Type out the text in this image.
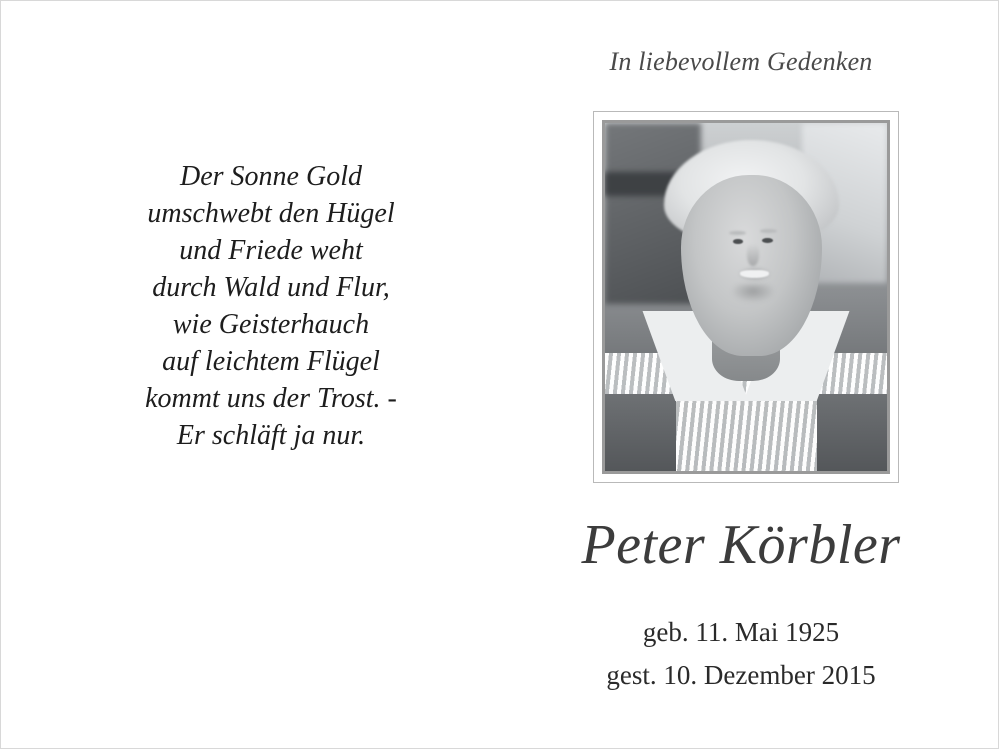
In liebevollem Gedenken
Der Sonne Gold
umschwebt den Hügel
und Friede weht
durch Wald und Flur,
wie Geisterhauch
auf leichtem Flügel
kommt uns der Trost. -
Er schläft ja nur.
Peter Körbler
geb. 11. Mai 1925
gest. 10. Dezember 2015
